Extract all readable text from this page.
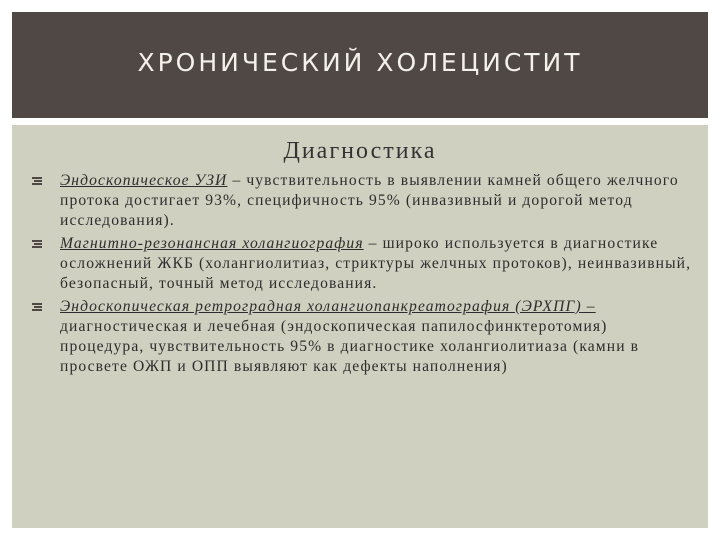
ХРОНИЧЕСКИЙ ХОЛЕЦИСТИТ
Диагностика
Эндоскопическое УЗИ – чувствительность в выявлении камней общего желчного протока достигает 93%, специфичность 95% (инвазивный и дорогой метод исследования).
Магнитно-резонансная холангиография – широко используется в диагностике осложнений ЖКБ (холангиолитиаз, стриктуры желчных протоков), неинвазивный, безопасный, точный метод исследования.
Эндоскопическая ретроградная холангиопанкреатография (ЭРХПГ) – диагностическая и лечебная (эндоскопическая папилосфинктеротомия) процедура, чувствительность 95% в диагностике холангиолитиаза (камни в просвете ОЖП и ОПП выявляют как дефекты наполнения)
